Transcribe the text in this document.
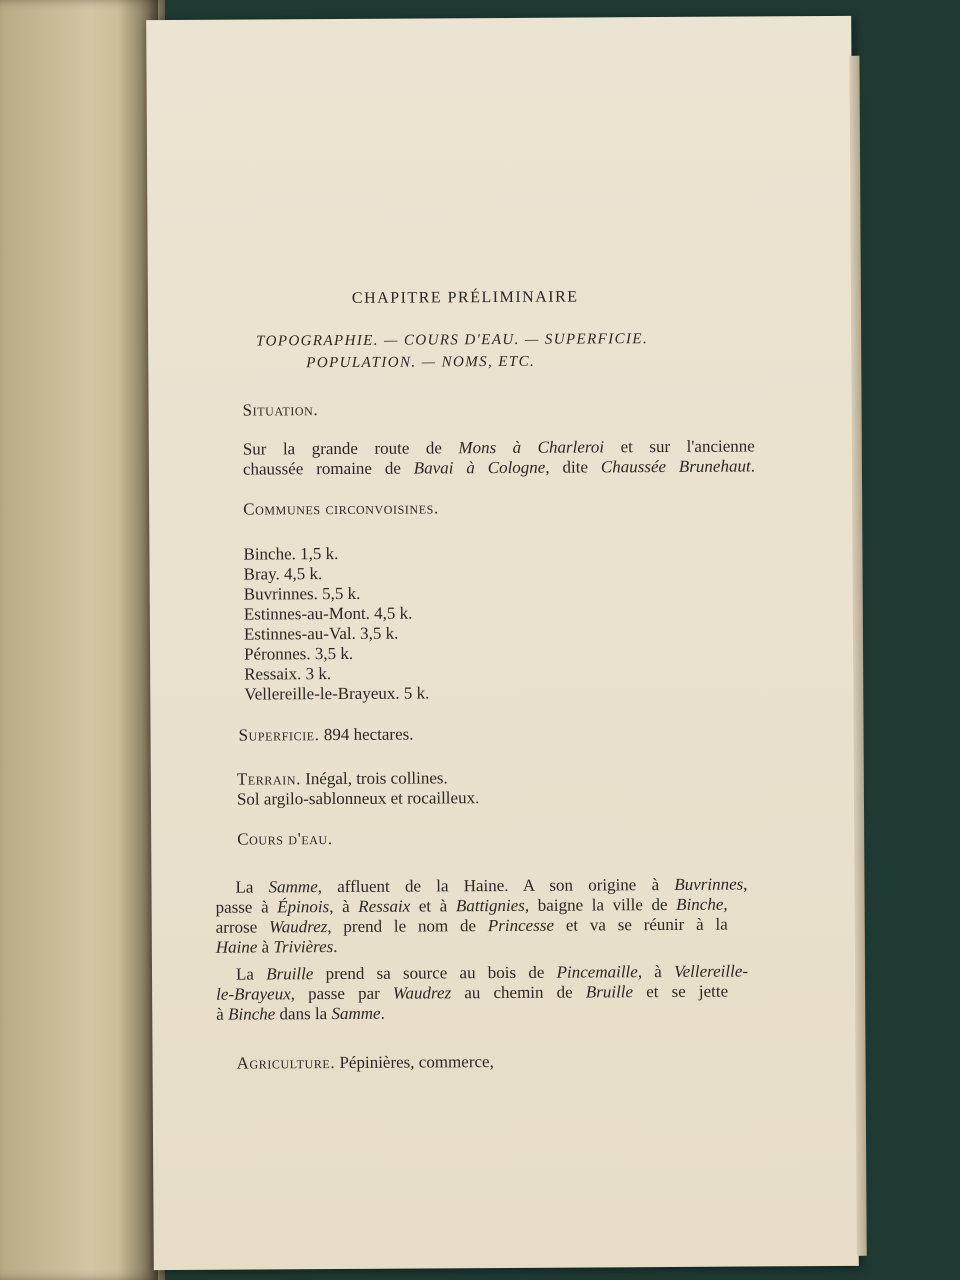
CHAPITRE PRÉLIMINAIRE
TOPOGRAPHIE. — COURS D'EAU. — SUPERFICIE.
POPULATION. — NOMS, ETC.
Situation.
Sur la grande route de Mons à Charleroi et sur l'ancienne
chaussée romaine de Bavai à Cologne, dite Chaussée Brunehaut.
Communes circonvoisines.
Binche. 1,5 k.
Bray. 4,5 k.
Buvrinnes. 5,5 k.
Estinnes-au-Mont. 4,5 k.
Estinnes-au-Val. 3,5 k.
Péronnes. 3,5 k.
Ressaix. 3 k.
Vellereille-le-Brayeux. 5 k.
Superficie. 894 hectares.
Terrain. Inégal, trois collines.
Sol argilo-sablonneux et rocailleux.
Cours d'eau.
La Samme, affluent de la Haine. A son origine à Buvrinnes,
passe à Épinois, à Ressaix et à Battignies, baigne la ville de Binche,
arrose Waudrez, prend le nom de Princesse et va se réunir à la
Haine à Trivières.
La Bruille prend sa source au bois de Pincemaille, à Vellereille-
le-Brayeux, passe par Waudrez au chemin de Bruille et se jette
à Binche dans la Samme.
Agriculture. Pépinières, commerce,
